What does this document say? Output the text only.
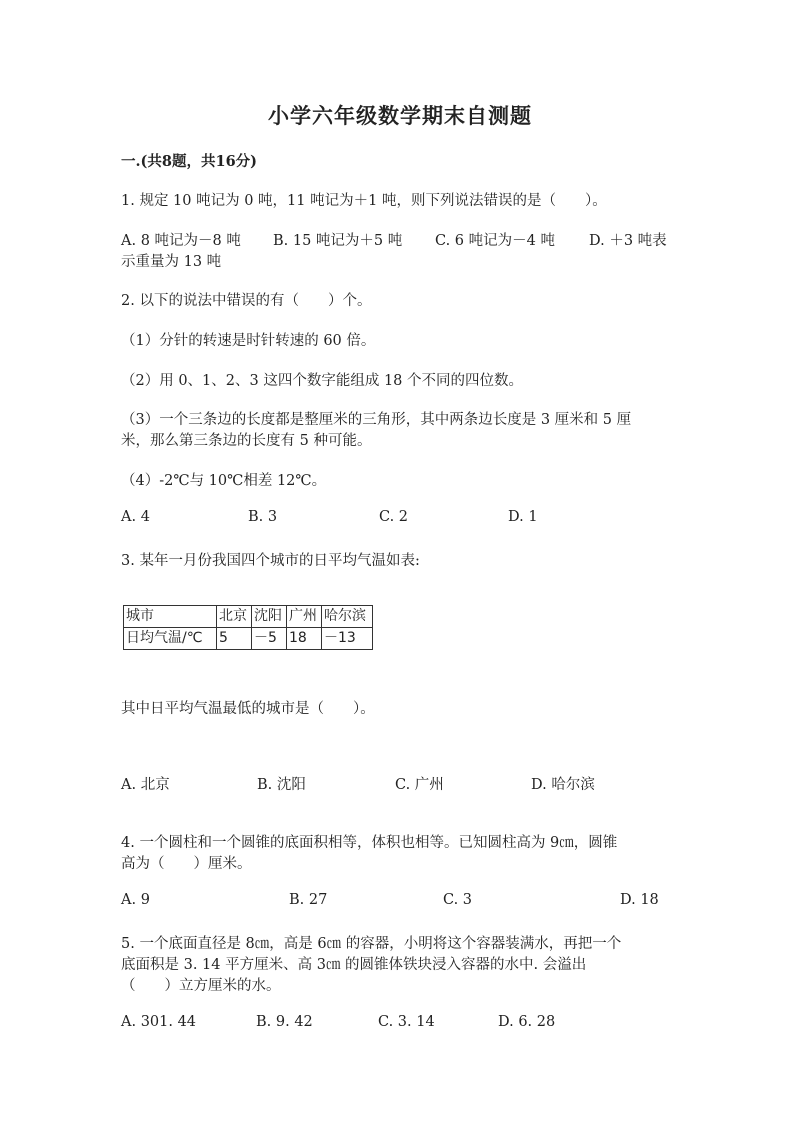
小学六年级数学期末自测题
一.(共8题，共16分)
1. 规定 10 吨记为 0 吨，11 吨记为＋1 吨，则下列说法错误的是（　　）。
A. 8 吨记为－8 吨 B. 15 吨记为＋5 吨 C. 6 吨记为－4 吨 D. ＋3 吨表
示重量为 13 吨
2. 以下的说法中错误的有（　　）个。
（1）分针的转速是时针转速的 60 倍。
（2）用 0、1、2、3 这四个数字能组成 18 个不同的四位数。
（3）一个三条边的长度都是整厘米的三角形，其中两条边长度是 3 厘米和 5 厘
米，那么第三条边的长度有 5 种可能。
（4）-2℃与 10℃相差 12℃。
A. 4	B. 3	C. 2	D. 1
3. 某年一月份我国四个城市的日平均气温如表:
城市	北京	沈阳	广州	哈尔滨
日均气温/℃	5	－5	18	－13
其中日平均气温最低的城市是（　　）。
A. 北京	B. 沈阳	C. 广州	D. 哈尔滨
4. 一个圆柱和一个圆锥的底面积相等，体积也相等。已知圆柱高为 9㎝，圆锥
高为（　　）厘米。
A. 9	B. 27	C. 3	D. 18
5. 一个底面直径是 8㎝，高是 6㎝ 的容器，小明将这个容器装满水，再把一个
底面积是 3. 14 平方厘米、高 3㎝ 的圆锥体铁块浸入容器的水中. 会溢出
（　　）立方厘米的水。
A. 301. 44	B. 9. 42	C. 3. 14	D. 6. 28
